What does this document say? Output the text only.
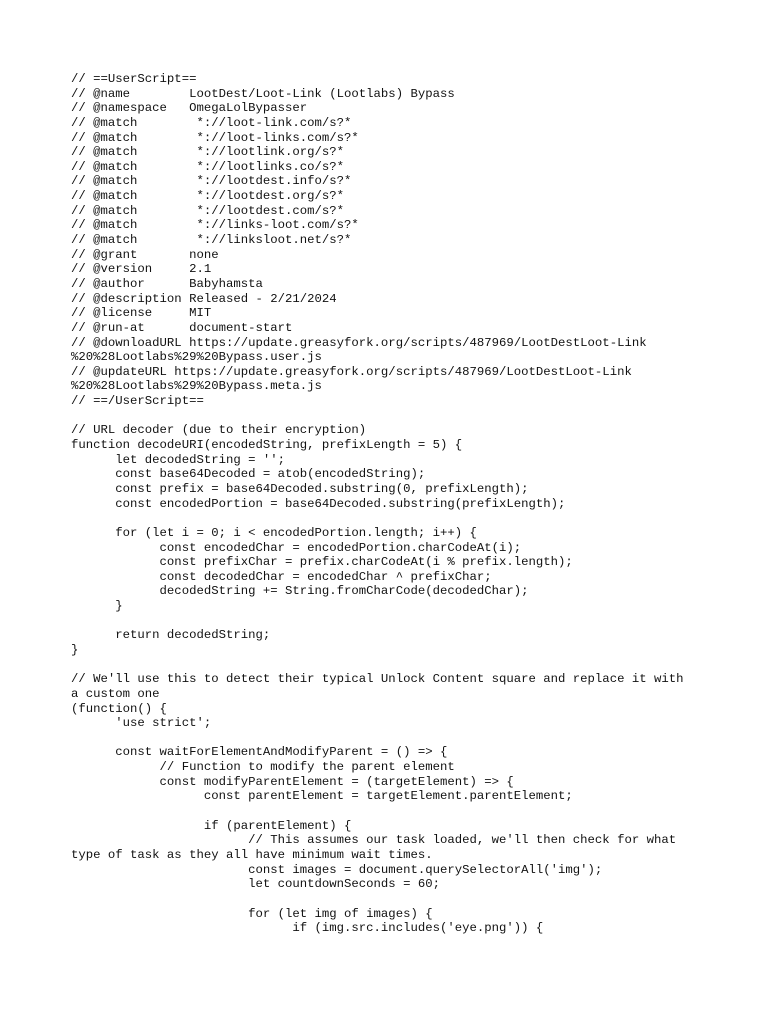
// ==UserScript==
// @name        LootDest/Loot-Link (Lootlabs) Bypass
// @namespace   OmegaLolBypasser
// @match        *://loot-link.com/s?*
// @match        *://loot-links.com/s?*
// @match        *://lootlink.org/s?*
// @match        *://lootlinks.co/s?*
// @match        *://lootdest.info/s?*
// @match        *://lootdest.org/s?*
// @match        *://lootdest.com/s?*
// @match        *://links-loot.com/s?*
// @match        *://linksloot.net/s?*
// @grant       none
// @version     2.1
// @author      Babyhamsta
// @description Released - 2/21/2024
// @license     MIT
// @run-at      document-start
// @downloadURL https://update.greasyfork.org/scripts/487969/LootDestLoot-Link
%20%28Lootlabs%29%20Bypass.user.js
// @updateURL https://update.greasyfork.org/scripts/487969/LootDestLoot-Link
%20%28Lootlabs%29%20Bypass.meta.js
// ==/UserScript==
// URL decoder (due to their encryption)
function decodeURI(encodedString, prefixLength = 5) {
let decodedString = '';
const base64Decoded = atob(encodedString);
const prefix = base64Decoded.substring(0, prefixLength);
const encodedPortion = base64Decoded.substring(prefixLength);
for (let i = 0; i < encodedPortion.length; i++) {
const encodedChar = encodedPortion.charCodeAt(i);
const prefixChar = prefix.charCodeAt(i % prefix.length);
const decodedChar = encodedChar ^ prefixChar;
decodedString += String.fromCharCode(decodedChar);
}
return decodedString;
}
// We'll use this to detect their typical Unlock Content square and replace it with
a custom one
(function() {
'use strict';
const waitForElementAndModifyParent = () => {
// Function to modify the parent element
const modifyParentElement = (targetElement) => {
const parentElement = targetElement.parentElement;
if (parentElement) {
// This assumes our task loaded, we'll then check for what
type of task as they all have minimum wait times.
const images = document.querySelectorAll('img');
let countdownSeconds = 60;
for (let img of images) {
if (img.src.includes('eye.png')) {
